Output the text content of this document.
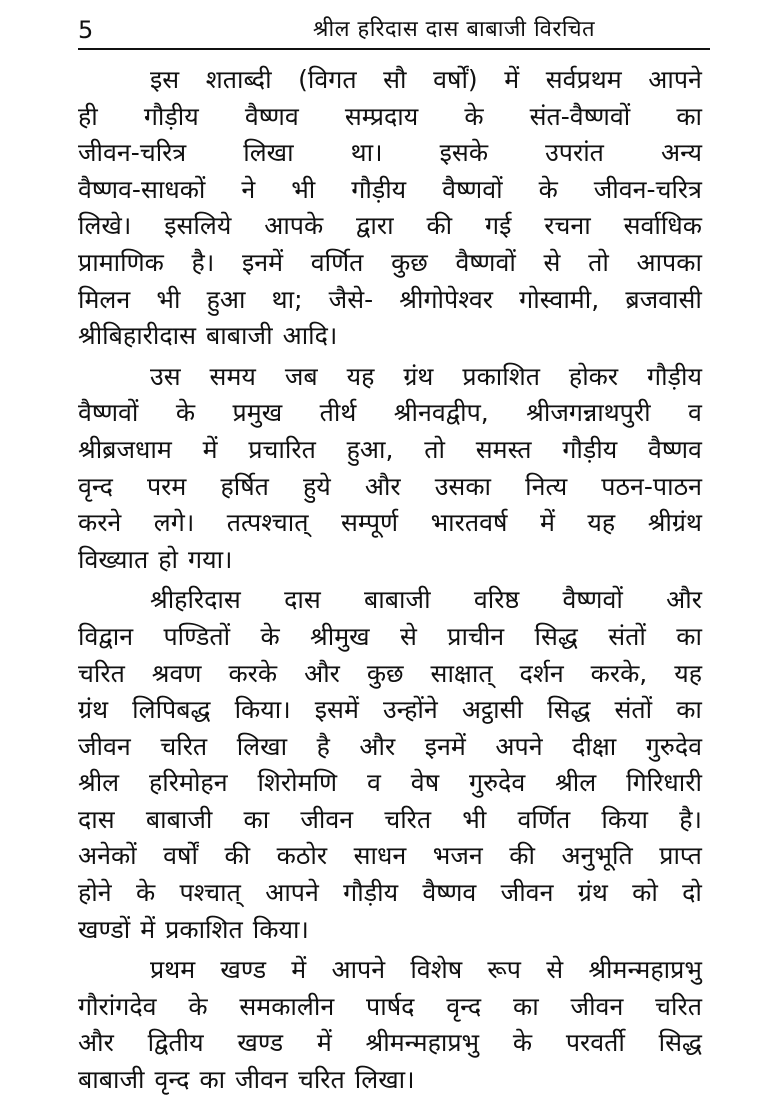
5	श्रील हरिदास दास बाबाजी विरचित
इस शताब्दी (विगत सौ वर्षों) में सर्वप्रथम आपने
ही गौड़ीय वैष्णव सम्प्रदाय के संत-वैष्णवों का
जीवन-चरित्र लिखा था। इसके उपरांत अन्य
वैष्णव-साधकों ने भी गौड़ीय वैष्णवों के जीवन-चरित्र
लिखे। इसलिये आपके द्वारा की गई रचना सर्वाधिक
प्रामाणिक है। इनमें वर्णित कुछ वैष्णवों से तो आपका
मिलन भी हुआ था; जैसे- श्रीगोपेश्वर गोस्वामी, ब्रजवासी
श्रीबिहारीदास बाबाजी आदि।
उस समय जब यह ग्रंथ प्रकाशित होकर गौड़ीय
वैष्णवों के प्रमुख तीर्थ श्रीनवद्वीप, श्रीजगन्नाथपुरी व
श्रीब्रजधाम में प्रचारित हुआ, तो समस्त गौड़ीय वैष्णव
वृन्द परम हर्षित हुये और उसका नित्य पठन-पाठन
करने लगे। तत्पश्चात् सम्पूर्ण भारतवर्ष में यह श्रीग्रंथ
विख्यात हो गया।
श्रीहरिदास दास बाबाजी वरिष्ठ वैष्णवों और
विद्वान पण्डितों के श्रीमुख से प्राचीन सिद्ध संतों का
चरित श्रवण करके और कुछ साक्षात् दर्शन करके, यह
ग्रंथ लिपिबद्ध किया। इसमें उन्होंने अट्ठासी सिद्ध संतों का
जीवन चरित लिखा है और इनमें अपने दीक्षा गुरुदेव
श्रील हरिमोहन शिरोमणि व वेष गुरुदेव श्रील गिरिधारी
दास बाबाजी का जीवन चरित भी वर्णित किया है।
अनेकों वर्षों की कठोर साधन भजन की अनुभूति प्राप्त
होने के पश्चात् आपने गौड़ीय वैष्णव जीवन ग्रंथ को दो
खण्डों में प्रकाशित किया।
प्रथम खण्ड में आपने विशेष रूप से श्रीमन्महाप्रभु
गौरांगदेव के समकालीन पार्षद वृन्द का जीवन चरित
और द्वितीय खण्ड में श्रीमन्महाप्रभु के परवर्ती सिद्ध
बाबाजी वृन्द का जीवन चरित लिखा।
